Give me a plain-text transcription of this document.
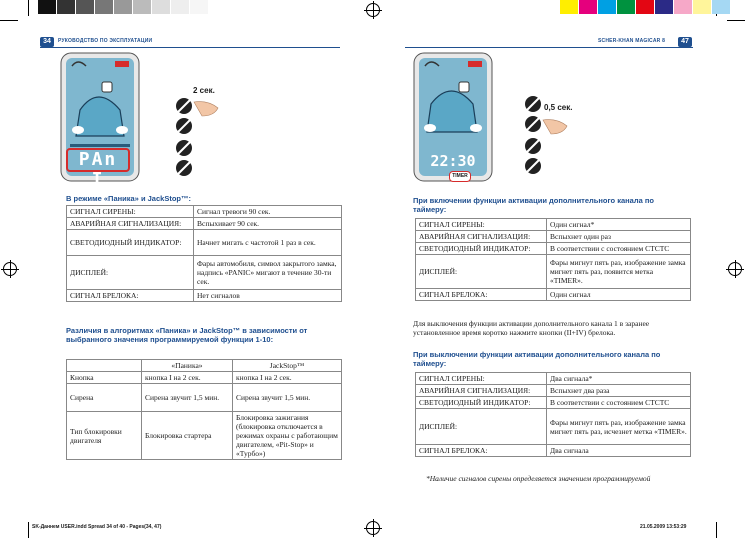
34	РУКОВОДСТВО ПО ЭКСПЛУАТАЦИИ	SCHER-KHAN MAGICAR 8	47
PAn I
2 сек.
В режиме «Паника» и JackStop™:
СИГНАЛ СИРЕНЫ:	Сигнал тревоги 90 сек.
АВАРИЙНАЯ СИГНАЛИЗАЦИЯ:	Вспыхивает 90 сек.
СВЕТОДИОДНЫЙ ИНДИКАТОР:	Начнет мигать с частотой 1 раз в сек.
ДИСПЛЕЙ:	Фары автомобиля, символ закрытого замка, надпись «PANIC» мигают в течение 30-ти сек.
СИГНАЛ БРЕЛОКА:	Нет сигналов
Различия в алгоритмах «Паника» и JackStop™ в зависимости от выбранного значения программируемой функции 1-10:
	«Паника»	JackStop™
Кнопка	кнопка I на 2 сек.	кнопка I на 2 сек.
Сирена	Сирена звучит 1,5 мин.	Сирена звучит 1,5 мин.
Тип блокировки двигателя	Блокировка стартера	Блокировка зажигания (блокировка отключается в режимах охраны с работающим двигателем, «Pit-Stop» и «Турбо»)
22:30
TIMER
0,5 сек.
При включении функции активации дополнительного канала по таймеру:
СИГНАЛ СИРЕНЫ:	Один сигнал*
АВАРИЙНАЯ СИГНАЛИЗАЦИЯ:	Вспыхнет один раз
СВЕТОДИОДНЫЙ ИНДИКАТОР:	В соответствии с состоянием СТСТС
ДИСПЛЕЙ:	Фары мигнут пять раз, изображение замка мигнет пять раз, появится метка «TIMER».
СИГНАЛ БРЕЛОКА:	Один сигнал
Для выключения функции активации дополнительного канала 1 в заранее установленное время коротко нажмите кнопки (II+IV) брелока.
При выключении функции активации дополнительного канала по таймеру:
СИГНАЛ СИРЕНЫ:	Два сигнала*
АВАРИЙНАЯ СИГНАЛИЗАЦИЯ:	Вспыхнет два раза
СВЕТОДИОДНЫЙ ИНДИКАТОР:	В соответствии с состоянием СТСТС
ДИСПЛЕЙ:	Фары мигнут пять раз, изображение замка мигнет пять раз, исчезнет метка «TIMER».
СИГНАЛ БРЕЛОКА:	Два сигнала
*Наличие сигналов сирены определяется значением программируемой
SK-Даннем USER.indd Spread 34 of 40 - Pages(34, 47)	21.05.2009 13:53:29
